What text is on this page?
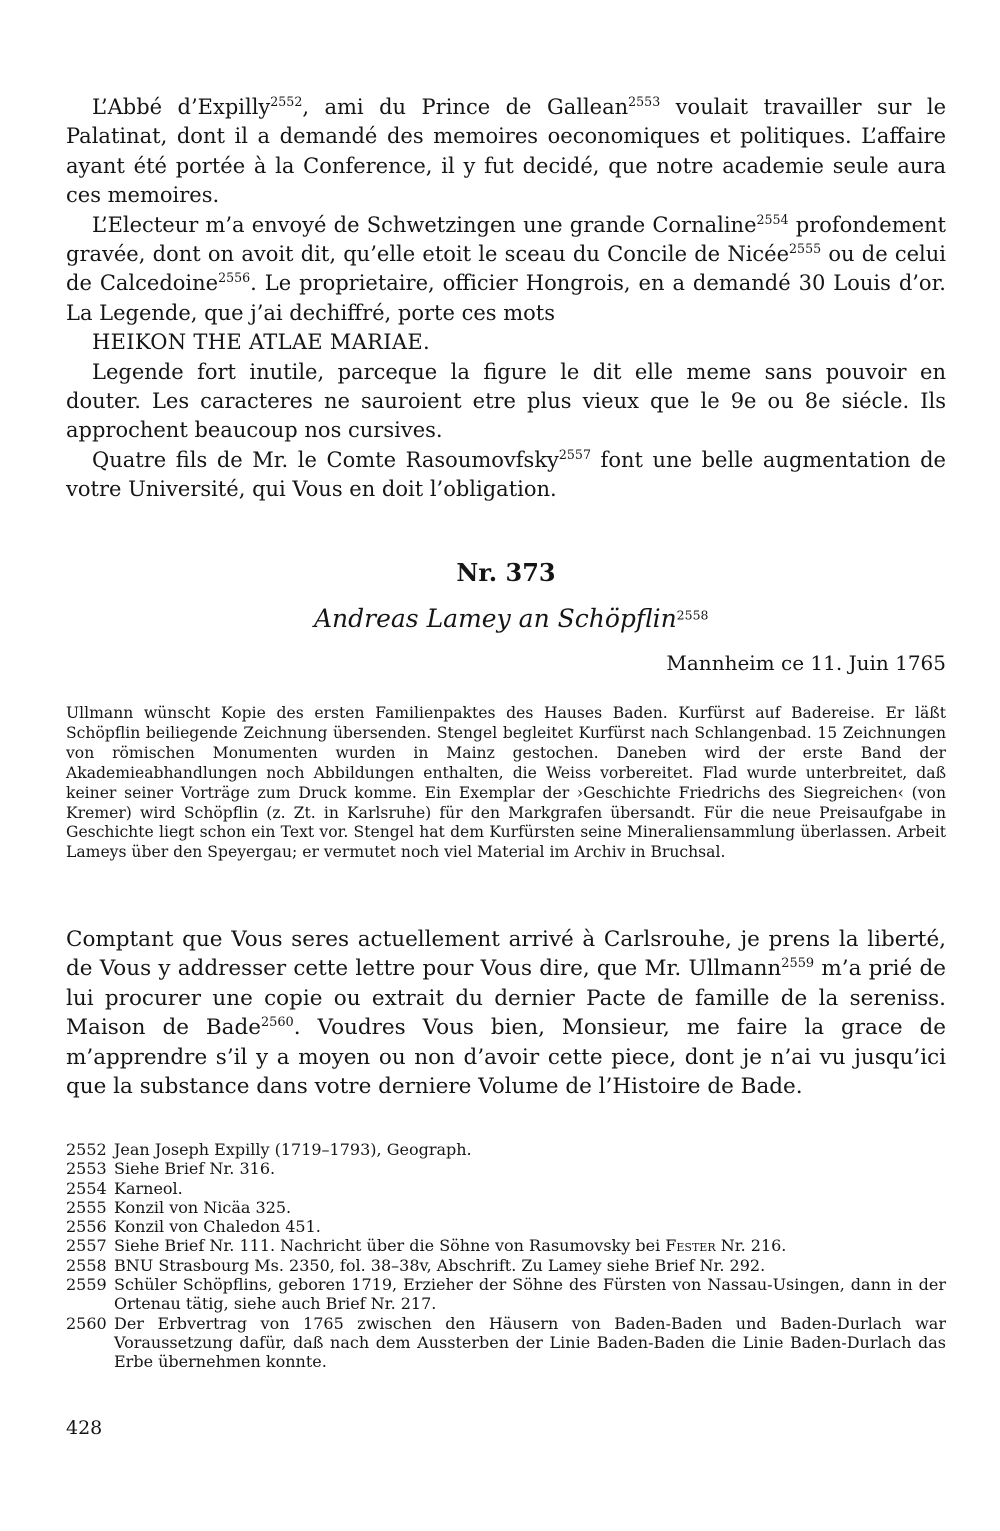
L’Abbé d’Expilly$^{2552}$, ami du Prince de Gallean$^{2553}$ voulait travailler sur le Palatinat, dont il a demandé des memoires oeconomiques et politiques. L’affaire ayant été portée à la Conference, il y fut decidé, que notre academie seule aura ces memoires.

L’Electeur m’a envoyé de Schwetzingen une grande Cornaline$^{2554}$ profondement gravée, dont on avoit dit, qu’elle etoit le sceau du Concile de Nicée$^{2555}$ ou de celui de Calcedoine$^{2556}$. Le proprietaire, officier Hongrois, en a demandé 30 Louis d’or. La Legende, que j’ai dechiffré, porte ces mots

HEIKON THE ATLAE MARIAE.

Legende fort inutile, parceque la figure le dit elle meme sans pouvoir en douter. Les caracteres ne sauroient etre plus vieux que le 9e ou 8e siécle. Ils approchent beaucoup nos cursives.

Quatre fils de Mr. le Comte Rasoumovfsky$^{2557}$ font une belle augmentation de votre Université, qui Vous en doit l’obligation.

Nr. 373
Andreas Lamey an Schöpflin$^{2558}$
Mannheim ce 11. Juin 1765
Ullmann wünscht Kopie des ersten Familienpaktes des Hauses Baden. Kurfürst auf Badereise. Er läßt Schöpflin beiliegende Zeichnung übersenden. Stengel begleitet Kurfürst nach Schlangenbad. 15 Zeichnungen von römischen Monumenten wurden in Mainz gestochen. Daneben wird der erste Band der Akademieabhandlungen noch Abbildungen enthalten, die Weiss vorbereitet. Flad wurde unterbreitet, daß keiner seiner Vorträge zum Druck komme. Ein Exemplar der ›Geschichte Friedrichs des Siegreichen‹ (von Kremer) wird Schöpflin (z. Zt. in Karlsruhe) für den Markgrafen übersandt. Für die neue Preisaufgabe in Geschichte liegt schon ein Text vor. Stengel hat dem Kurfürsten seine Mineraliensammlung überlassen. Arbeit Lameys über den Speyergau; er vermutet noch viel Material im Archiv in Bruchsal.

Comptant que Vous seres actuellement arrivé à Carlsrouhe, je prens la liberté, de Vous y addresser cette lettre pour Vous dire, que Mr. Ullmann$^{2559}$ m’a prié de lui procurer une copie ou extrait du dernier Pacte de famille de la sereniss. Maison de Bade$^{2560}$. Voudres Vous bien, Monsieur, me faire la grace de m’apprendre s’il y a moyen ou non d’avoir cette piece, dont je n’ai vu jusqu’ici que la substance dans votre derniere Volume de l’Histoire de Bade.

2552 Jean Joseph Expilly (1719–1793), Geograph.
2553 Siehe Brief Nr. 316.
2554 Karneol.
2555 Konzil von Nicäa 325.
2556 Konzil von Chaledon 451.
2557 Siehe Brief Nr. 111. Nachricht über die Söhne von Rasumovsky bei Fester Nr. 216.
2558 BNU Strasbourg Ms. 2350, fol. 38–38v, Abschrift. Zu Lamey siehe Brief Nr. 292.
2559 Schüler Schöpflins, geboren 1719, Erzieher der Söhne des Fürsten von Nassau-Usingen, dann in der Ortenau tätig, siehe auch Brief Nr. 217.
2560 Der Erbvertrag von 1765 zwischen den Häusern von Baden-Baden und Baden-Durlach war Voraussetzung dafür, daß nach dem Aussterben der Linie Baden-Baden die Linie Baden-Durlach das Erbe übernehmen konnte.
428
